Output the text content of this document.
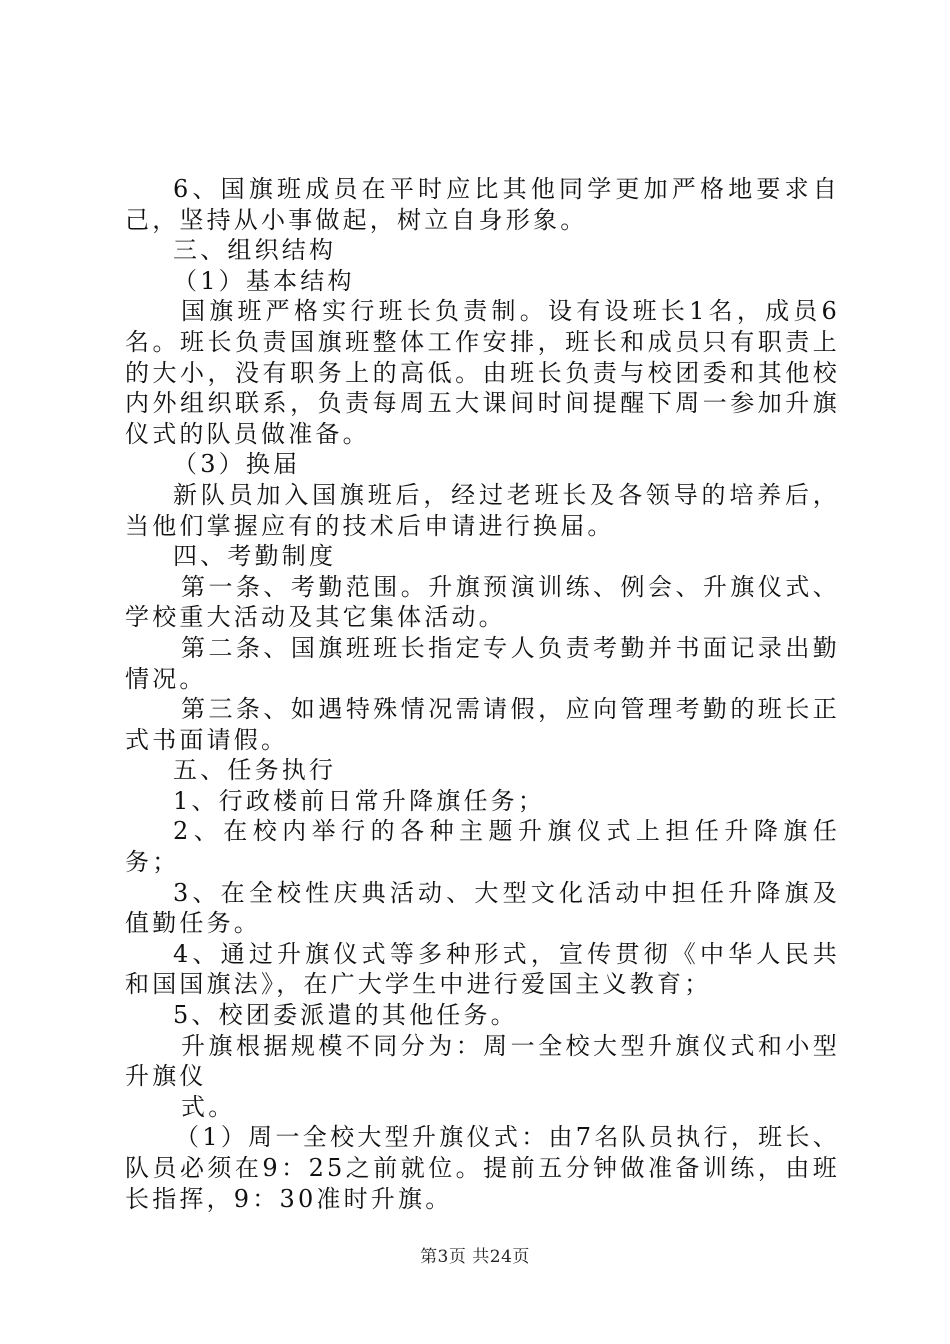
6、国旗班成员在平时应比其他同学更加严格地要求自己，坚持从小事做起，树立自身形象。

三、组织结构

（1）基本结构

国旗班严格实行班长负责制。设有设班长1名，成员6名。班长负责国旗班整体工作安排，班长和成员只有职责上的大小，没有职务上的高低。由班长负责与校团委和其他校内外组织联系，负责每周五大课间时间提醒下周一参加升旗仪式的队员做准备。

（3）换届

新队员加入国旗班后，经过老班长及各领导的培养后，当他们掌握应有的技术后申请进行换届。

四、考勤制度

第一条、考勤范围。升旗预演训练、例会、升旗仪式、学校重大活动及其它集体活动。

第二条、国旗班班长指定专人负责考勤并书面记录出勤情况。

第三条、如遇特殊情况需请假，应向管理考勤的班长正式书面请假。

五、任务执行

1、行政楼前日常升降旗任务；

2、在校内举行的各种主题升旗仪式上担任升降旗任务；

3、在全校性庆典活动、大型文化活动中担任升降旗及值勤任务。

4、通过升旗仪式等多种形式，宣传贯彻《中华人民共和国国旗法》，在广大学生中进行爱国主义教育；

5、校团委派遣的其他任务。

升旗根据规模不同分为：周一全校大型升旗仪式和小型升旗仪

式。

（1）周一全校大型升旗仪式：由7名队员执行，班长、队员必须在9：25之前就位。提前五分钟做准备训练，由班长指挥，9：30准时升旗。

第3页 共24页
